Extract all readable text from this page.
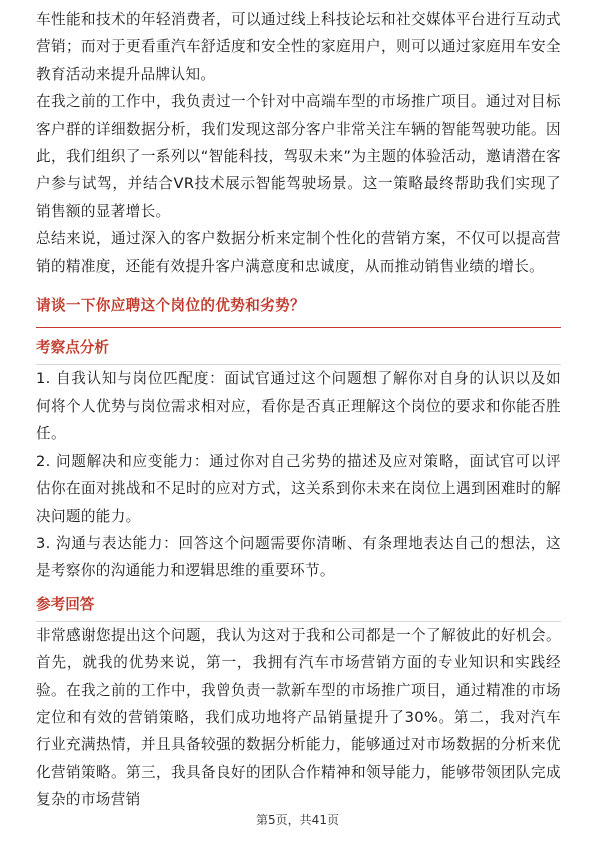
车性能和技术的年轻消费者，可以通过线上科技论坛和社交媒体平台进行互动式营销；而对于更看重汽车舒适度和安全性的家庭用户，则可以通过家庭用车安全教育活动来提升品牌认知。

在我之前的工作中，我负责过一个针对中高端车型的市场推广项目。通过对目标客户群的详细数据分析，我们发现这部分客户非常关注车辆的智能驾驶功能。因此，我们组织了一系列以“智能科技，驾驭未来”为主题的体验活动，邀请潜在客户参与试驾，并结合VR技术展示智能驾驶场景。这一策略最终帮助我们实现了销售额的显著增长。

总结来说，通过深入的客户数据分析来定制个性化的营销方案，不仅可以提高营销的精准度，还能有效提升客户满意度和忠诚度，从而推动销售业绩的增长。

请谈一下你应聘这个岗位的优势和劣势？

考察点分析

1. 自我认知与岗位匹配度：面试官通过这个问题想了解你对自身的认识以及如何将个人优势与岗位需求相对应，看你是否真正理解这个岗位的要求和你能否胜任。

2. 问题解决和应变能力：通过你对自己劣势的描述及应对策略，面试官可以评估你在面对挑战和不足时的应对方式，这关系到你未来在岗位上遇到困难时的解决问题的能力。

3. 沟通与表达能力：回答这个问题需要你清晰、有条理地表达自己的想法，这是考察你的沟通能力和逻辑思维的重要环节。

参考回答

非常感谢您提出这个问题，我认为这对于我和公司都是一个了解彼此的好机会。首先，就我的优势来说，第一，我拥有汽车市场营销方面的专业知识和实践经验。在我之前的工作中，我曾负责一款新车型的市场推广项目，通过精准的市场定位和有效的营销策略，我们成功地将产品销量提升了30%。第二，我对汽车行业充满热情，并且具备较强的数据分析能力，能够通过对市场数据的分析来优化营销策略。第三，我具备良好的团队合作精神和领导能力，能够带领团队完成复杂的市场营销

第5页，共41页
